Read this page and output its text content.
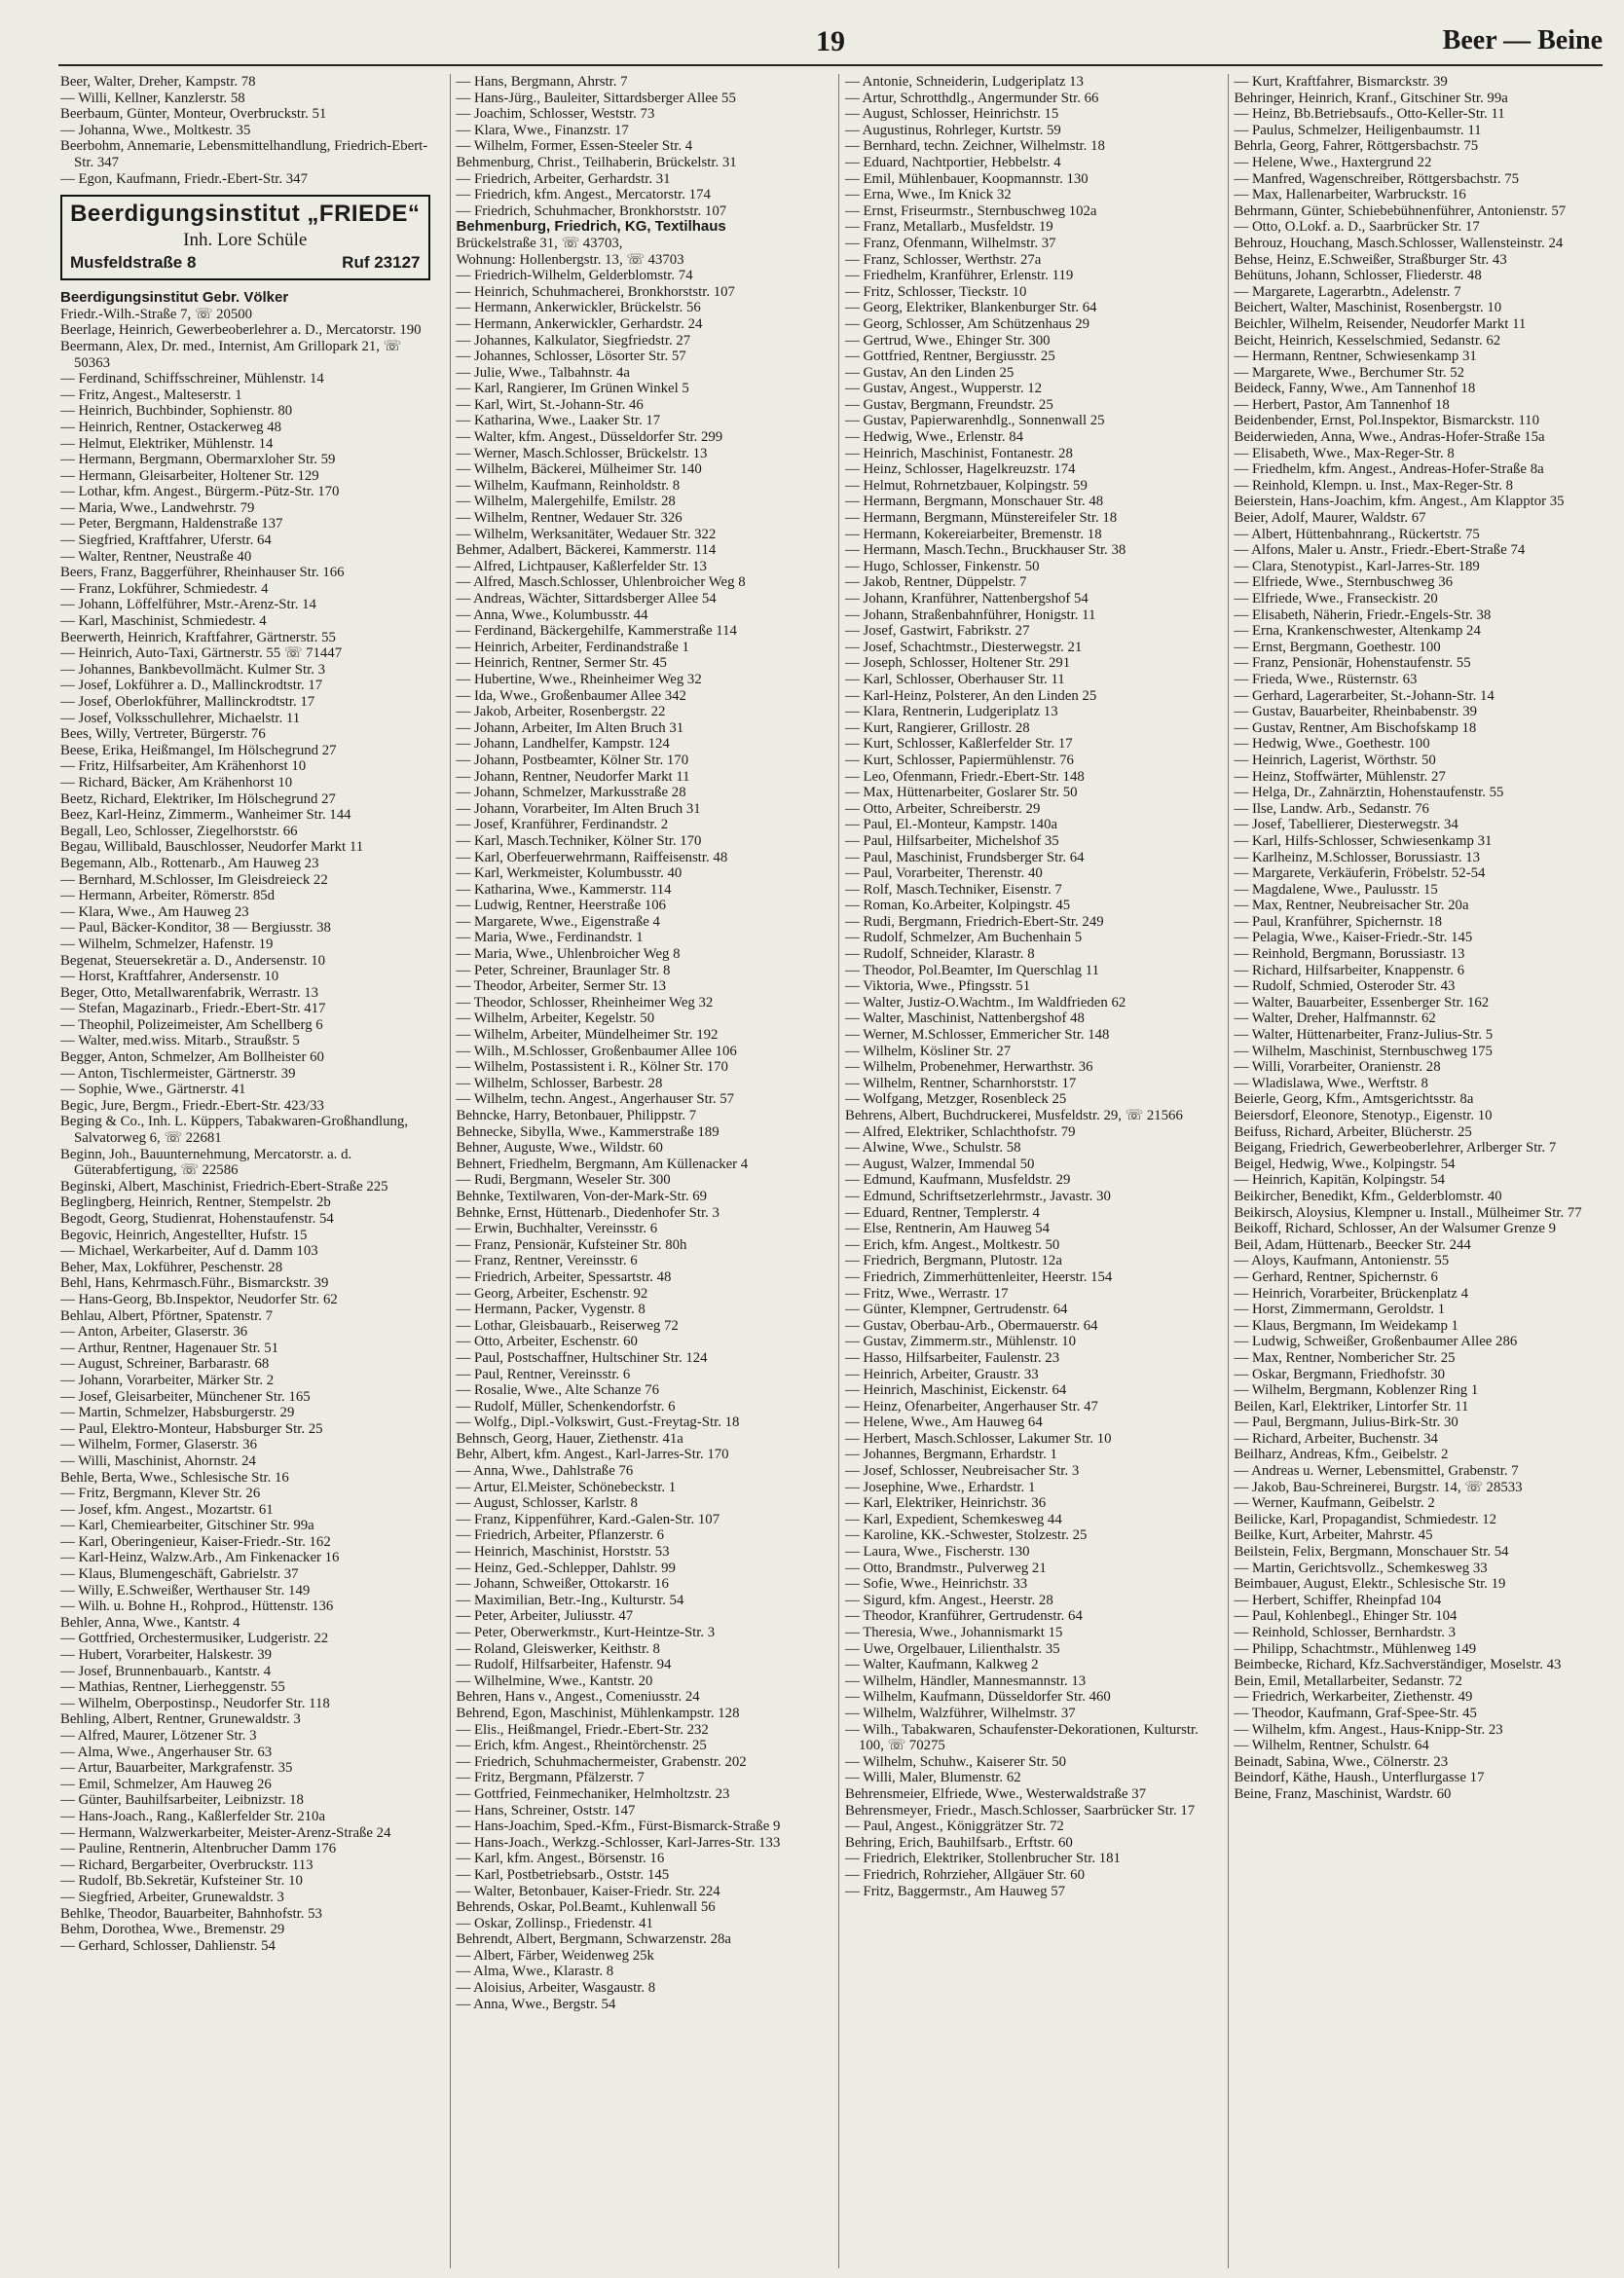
19	Beer — Beine
Beer, Walter, Dreher, Kampstr. 78
— Willi, Kellner, Kanzlerstr. 58
Beerbaum, Günter, Monteur, Overbruckstr. 51
— Johanna, Wwe., Moltkestr. 35
Beerbohm, Annemarie, Lebensmittelhandlung, Friedrich-Ebert-Str. 347
— Egon, Kaufmann, Friedr.-Ebert-Str. 347
Beerdigungsinstitut „FRIEDE“
Inh. Lore Schüle
Musfeldstraße 8	Ruf 23127
Beerdigungsinstitut Gebr. Völker
Friedr.-Wilh.-Straße 7, ☏ 20500
Beerlage, Heinrich, Gewerbeoberlehrer a. D., Mercatorstr. 190
Beermann, Alex, Dr. med., Internist, Am Grillopark 21, ☏ 50363
— Ferdinand, Schiffsschreiner, Mühlenstr. 14
— Fritz, Angest., Malteserstr. 1
— Heinrich, Buchbinder, Sophienstr. 80
— Heinrich, Rentner, Ostackerweg 48
— Helmut, Elektriker, Mühlenstr. 14
— Hermann, Bergmann, Obermarxloher Str. 59
— Hermann, Gleisarbeiter, Holtener Str. 129
— Lothar, kfm. Angest., Bürgerm.-Pütz-Str. 170
— Maria, Wwe., Landwehrstr. 79
— Peter, Bergmann, Haldenstraße 137
— Siegfried, Kraftfahrer, Uferstr. 64
— Walter, Rentner, Neustraße 40
Beers, Franz, Baggerführer, Rheinhauser Str. 166
— Franz, Lokführer, Schmiedestr. 4
— Johann, Löffelführer, Mstr.-Arenz-Str. 14
— Karl, Maschinist, Schmiedestr. 4
Beerwerth, Heinrich, Kraftfahrer, Gärtnerstr. 55
— Heinrich, Auto-Taxi, Gärtnerstr. 55 ☏ 71447
— Johannes, Bankbevollmächt. Kulmer Str. 3
— Josef, Lokführer a. D., Mallinckrodtstr. 17
— Josef, Oberlokführer, Mallinckrodtstr. 17
— Josef, Volksschullehrer, Michaelstr. 11
Bees, Willy, Vertreter, Bürgerstr. 76
Beese, Erika, Heißmangel, Im Hölschegrund 27
— Fritz, Hilfsarbeiter, Am Krähenhorst 10
— Richard, Bäcker, Am Krähenhorst 10
Beetz, Richard, Elektriker, Im Hölschegrund 27
Beez, Karl-Heinz, Zimmerm., Wanheimer Str. 144
Begall, Leo, Schlosser, Ziegelhorststr. 66
Begau, Willibald, Bauschlosser, Neudorfer Markt 11
Begemann, Alb., Rottenarb., Am Hauweg 23
— Bernhard, M.Schlosser, Im Gleisdreieck 22
— Hermann, Arbeiter, Römerstr. 85d
— Klara, Wwe., Am Hauweg 23
— Paul, Bäcker-Konditor, 38 — Bergiusstr. 38
— Wilhelm, Schmelzer, Hafenstr. 19
Begenat, Steuersekretär a. D., Andersenstr. 10
— Horst, Kraftfahrer, Andersenstr. 10
Beger, Otto, Metallwarenfabrik, Werrastr. 13
— Stefan, Magazinarb., Friedr.-Ebert-Str. 417
— Theophil, Polizeimeister, Am Schellberg 6
— Walter, med.wiss. Mitarb., Straußstr. 5
Begger, Anton, Schmelzer, Am Bollheister 60
— Anton, Tischlermeister, Gärtnerstr. 39
— Sophie, Wwe., Gärtnerstr. 41
Begic, Jure, Bergm., Friedr.-Ebert-Str. 423/33
Beging & Co., Inh. L. Küppers, Tabakwaren-Großhandlung, Salvatorweg 6, ☏ 22681
Beginn, Joh., Bauunternehmung, Mercatorstr. a. d. Güterabfertigung, ☏ 22586
Beginski, Albert, Maschinist, Friedrich-Ebert-Straße 225
Beglingberg, Heinrich, Rentner, Stempelstr. 2b
Begodt, Georg, Studienrat, Hohenstaufenstr. 54
Begovic, Heinrich, Angestellter, Hufstr. 15
— Michael, Werkarbeiter, Auf d. Damm 103
Beher, Max, Lokführer, Peschenstr. 28
Behl, Hans, Kehrmasch.Führ., Bismarckstr. 39
— Hans-Georg, Bb.Inspektor, Neudorfer Str. 62
Behlau, Albert, Pförtner, Spatenstr. 7
— Anton, Arbeiter, Glaserstr. 36
— Arthur, Rentner, Hagenauer Str. 51
— August, Schreiner, Barbarastr. 68
— Johann, Vorarbeiter, Märker Str. 2
— Josef, Gleisarbeiter, Münchener Str. 165
— Martin, Schmelzer, Habsburgerstr. 29
— Paul, Elektro-Monteur, Habsburger Str. 25
— Wilhelm, Former, Glaserstr. 36
— Willi, Maschinist, Ahornstr. 24
Behle, Berta, Wwe., Schlesische Str. 16
— Fritz, Bergmann, Klever Str. 26
— Josef, kfm. Angest., Mozartstr. 61
— Karl, Chemiearbeiter, Gitschiner Str. 99a
— Karl, Oberingenieur, Kaiser-Friedr.-Str. 162
— Karl-Heinz, Walzw.Arb., Am Finkenacker 16
— Klaus, Blumengeschäft, Gabrielstr. 37
— Willy, E.Schweißer, Werthauser Str. 149
— Wilh. u. Bohne H., Rohprod., Hüttenstr. 136
Behler, Anna, Wwe., Kantstr. 4
— Gottfried, Orchestermusiker, Ludgeristr. 22
— Hubert, Vorarbeiter, Halskestr. 39
— Josef, Brunnenbauarb., Kantstr. 4
— Mathias, Rentner, Lierheggenstr. 55
— Wilhelm, Oberpostinsp., Neudorfer Str. 118
Behling, Albert, Rentner, Grunewaldstr. 3
— Alfred, Maurer, Lötzener Str. 3
— Alma, Wwe., Angerhauser Str. 63
— Artur, Bauarbeiter, Markgrafenstr. 35
— Emil, Schmelzer, Am Hauweg 26
— Günter, Bauhilfsarbeiter, Leibnizstr. 18
— Hans-Joach., Rang., Kaßlerfelder Str. 210a
— Hermann, Walzwerkarbeiter, Meister-Arenz-Straße 24
— Pauline, Rentnerin, Altenbrucher Damm 176
— Richard, Bergarbeiter, Overbruckstr. 113
— Rudolf, Bb.Sekretär, Kufsteiner Str. 10
— Siegfried, Arbeiter, Grunewaldstr. 3
Behlke, Theodor, Bauarbeiter, Bahnhofstr. 53
Behm, Dorothea, Wwe., Bremenstr. 29
— Gerhard, Schlosser, Dahlienstr. 54
— Hans, Bergmann, Ahrstr. 7
— Hans-Jürg., Bauleiter, Sittardsberger Allee 55
— Joachim, Schlosser, Weststr. 73
— Klara, Wwe., Finanzstr. 17
— Wilhelm, Former, Essen-Steeler Str. 4
Behmenburg, Christ., Teilhaberin, Brückelstr. 31
— Friedrich, Arbeiter, Gerhardstr. 31
— Friedrich, kfm. Angest., Mercatorstr. 174
— Friedrich, Schuhmacher, Bronkhorststr. 107
Behmenburg, Friedrich, KG, Textilhaus
Brückelstraße 31, ☏ 43703,
Wohnung: Hollenbergstr. 13, ☏ 43703
— Friedrich-Wilhelm, Gelderblomstr. 74
— Heinrich, Schuhmacherei, Bronkhorststr. 107
— Hermann, Ankerwickler, Brückelstr. 56
— Hermann, Ankerwickler, Gerhardstr. 24
— Johannes, Kalkulator, Siegfriedstr. 27
— Johannes, Schlosser, Lösorter Str. 57
— Julie, Wwe., Talbahnstr. 4a
— Karl, Rangierer, Im Grünen Winkel 5
— Karl, Wirt, St.-Johann-Str. 46
— Katharina, Wwe., Laaker Str. 17
— Walter, kfm. Angest., Düsseldorfer Str. 299
— Werner, Masch.Schlosser, Brückelstr. 13
— Wilhelm, Bäckerei, Mülheimer Str. 140
— Wilhelm, Kaufmann, Reinholdstr. 8
— Wilhelm, Malergehilfe, Emilstr. 28
— Wilhelm, Rentner, Wedauer Str. 326
— Wilhelm, Werksanitäter, Wedauer Str. 322
Behmer, Adalbert, Bäckerei, Kammerstr. 114
— Alfred, Lichtpauser, Kaßlerfelder Str. 13
— Alfred, Masch.Schlosser, Uhlenbroicher Weg 8
— Andreas, Wächter, Sittardsberger Allee 54
— Anna, Wwe., Kolumbusstr. 44
— Ferdinand, Bäckergehilfe, Kammerstraße 114
— Heinrich, Arbeiter, Ferdinandstraße 1
— Heinrich, Rentner, Sermer Str. 45
— Hubertine, Wwe., Rheinheimer Weg 32
— Ida, Wwe., Großenbaumer Allee 342
— Jakob, Arbeiter, Rosenbergstr. 22
— Johann, Arbeiter, Im Alten Bruch 31
— Johann, Landhelfer, Kampstr. 124
— Johann, Postbeamter, Kölner Str. 170
— Johann, Rentner, Neudorfer Markt 11
— Johann, Schmelzer, Markusstraße 28
— Johann, Vorarbeiter, Im Alten Bruch 31
— Josef, Kranführer, Ferdinandstr. 2
— Karl, Masch.Techniker, Kölner Str. 170
— Karl, Oberfeuerwehrmann, Raiffeisenstr. 48
— Karl, Werkmeister, Kolumbusstr. 40
— Katharina, Wwe., Kammerstr. 114
— Ludwig, Rentner, Heerstraße 106
— Margarete, Wwe., Eigenstraße 4
— Maria, Wwe., Ferdinandstr. 1
— Maria, Wwe., Uhlenbroicher Weg 8
— Peter, Schreiner, Braunlager Str. 8
— Theodor, Arbeiter, Sermer Str. 13
— Theodor, Schlosser, Rheinheimer Weg 32
— Wilhelm, Arbeiter, Kegelstr. 50
— Wilhelm, Arbeiter, Mündelheimer Str. 192
— Wilh., M.Schlosser, Großenbaumer Allee 106
— Wilhelm, Postassistent i. R., Kölner Str. 170
— Wilhelm, Schlosser, Barbestr. 28
— Wilhelm, techn. Angest., Angerhauser Str. 57
Behncke, Harry, Betonbauer, Philippstr. 7
Behnecke, Sibylla, Wwe., Kammerstraße 189
Behner, Auguste, Wwe., Wildstr. 60
Behnert, Friedhelm, Bergmann, Am Küllenacker 4
— Rudi, Bergmann, Weseler Str. 300
Behnke, Textilwaren, Von-der-Mark-Str. 69
Behnke, Ernst, Hüttenarb., Diedenhofer Str. 3
— Erwin, Buchhalter, Vereinsstr. 6
— Franz, Pensionär, Kufsteiner Str. 80h
— Franz, Rentner, Vereinsstr. 6
— Friedrich, Arbeiter, Spessartstr. 48
— Georg, Arbeiter, Eschenstr. 92
— Hermann, Packer, Vygenstr. 8
— Lothar, Gleisbauarb., Reiserweg 72
— Otto, Arbeiter, Eschenstr. 60
— Paul, Postschaffner, Hultschiner Str. 124
— Paul, Rentner, Vereinsstr. 6
— Rosalie, Wwe., Alte Schanze 76
— Rudolf, Müller, Schenkendorfstr. 6
— Wolfg., Dipl.-Volkswirt, Gust.-Freytag-Str. 18
Behnsch, Georg, Hauer, Ziethenstr. 41a
Behr, Albert, kfm. Angest., Karl-Jarres-Str. 170
— Anna, Wwe., Dahlstraße 76
— Artur, El.Meister, Schönebeckstr. 1
— August, Schlosser, Karlstr. 8
— Franz, Kippenführer, Kard.-Galen-Str. 107
— Friedrich, Arbeiter, Pflanzerstr. 6
— Heinrich, Maschinist, Horststr. 53
— Heinz, Ged.-Schlepper, Dahlstr. 99
— Johann, Schweißer, Ottokarstr. 16
— Maximilian, Betr.-Ing., Kulturstr. 54
— Peter, Arbeiter, Juliusstr. 47
— Peter, Oberwerkmstr., Kurt-Heintze-Str. 3
— Roland, Gleiswerker, Keithstr. 8
— Rudolf, Hilfsarbeiter, Hafenstr. 94
— Wilhelmine, Wwe., Kantstr. 20
Behren, Hans v., Angest., Comeniusstr. 24
Behrend, Egon, Maschinist, Mühlenkampstr. 128
— Elis., Heißmangel, Friedr.-Ebert-Str. 232
— Erich, kfm. Angest., Rheintörchenstr. 25
— Friedrich, Schuhmachermeister, Grabenstr. 202
— Fritz, Bergmann, Pfälzerstr. 7
— Gottfried, Feinmechaniker, Helmholtzstr. 23
— Hans, Schreiner, Oststr. 147
— Hans-Joachim, Sped.-Kfm., Fürst-Bismarck-Straße 9
— Hans-Joach., Werkzg.-Schlosser, Karl-Jarres-Str. 133
— Karl, kfm. Angest., Börsenstr. 16
— Karl, Postbetriebsarb., Oststr. 145
— Walter, Betonbauer, Kaiser-Friedr. Str. 224
Behrends, Oskar, Pol.Beamt., Kuhlenwall 56
— Oskar, Zollinsp., Friedenstr. 41
Behrendt, Albert, Bergmann, Schwarzenstr. 28a
— Albert, Färber, Weidenweg 25k
— Alma, Wwe., Klarastr. 8
— Aloisius, Arbeiter, Wasgaustr. 8
— Anna, Wwe., Bergstr. 54
— Antonie, Schneiderin, Ludgeriplatz 13
— Artur, Schrotthdlg., Angermunder Str. 66
— August, Schlosser, Heinrichstr. 15
— Augustinus, Rohrleger, Kurtstr. 59
— Bernhard, techn. Zeichner, Wilhelmstr. 18
— Eduard, Nachtportier, Hebbelstr. 4
— Emil, Mühlenbauer, Koopmannstr. 130
— Erna, Wwe., Im Knick 32
— Ernst, Friseurmstr., Sternbuschweg 102a
— Franz, Metallarb., Musfeldstr. 19
— Franz, Ofenmann, Wilhelmstr. 37
— Franz, Schlosser, Werthstr. 27a
— Friedhelm, Kranführer, Erlenstr. 119
— Fritz, Schlosser, Tieckstr. 10
— Georg, Elektriker, Blankenburger Str. 64
— Georg, Schlosser, Am Schützenhaus 29
— Gertrud, Wwe., Ehinger Str. 300
— Gottfried, Rentner, Bergiusstr. 25
— Gustav, An den Linden 25
— Gustav, Angest., Wupperstr. 12
— Gustav, Bergmann, Freundstr. 25
— Gustav, Papierwarenhdlg., Sonnenwall 25
— Hedwig, Wwe., Erlenstr. 84
— Heinrich, Maschinist, Fontanestr. 28
— Heinz, Schlosser, Hagelkreuzstr. 174
— Helmut, Rohrnetzbauer, Kolpingstr. 59
— Hermann, Bergmann, Monschauer Str. 48
— Hermann, Bergmann, Münstereifeler Str. 18
— Hermann, Kokereiarbeiter, Bremenstr. 18
— Hermann, Masch.Techn., Bruckhauser Str. 38
— Hugo, Schlosser, Finkenstr. 50
— Jakob, Rentner, Düppelstr. 7
— Johann, Kranführer, Nattenbergshof 54
— Johann, Straßenbahnführer, Honigstr. 11
— Josef, Gastwirt, Fabrikstr. 27
— Josef, Schachtmstr., Diesterwegstr. 21
— Joseph, Schlosser, Holtener Str. 291
— Karl, Schlosser, Oberhauser Str. 11
— Karl-Heinz, Polsterer, An den Linden 25
— Klara, Rentnerin, Ludgeriplatz 13
— Kurt, Rangierer, Grillostr. 28
— Kurt, Schlosser, Kaßlerfelder Str. 17
— Kurt, Schlosser, Papiermühlenstr. 76
— Leo, Ofenmann, Friedr.-Ebert-Str. 148
— Max, Hüttenarbeiter, Goslarer Str. 50
— Otto, Arbeiter, Schreiberstr. 29
— Paul, El.-Monteur, Kampstr. 140a
— Paul, Hilfsarbeiter, Michelshof 35
— Paul, Maschinist, Frundsberger Str. 64
— Paul, Vorarbeiter, Therenstr. 40
— Rolf, Masch.Techniker, Eisenstr. 7
— Roman, Ko.Arbeiter, Kolpingstr. 45
— Rudi, Bergmann, Friedrich-Ebert-Str. 249
— Rudolf, Schmelzer, Am Buchenhain 5
— Rudolf, Schneider, Klarastr. 8
— Theodor, Pol.Beamter, Im Querschlag 11
— Viktoria, Wwe., Pfingsstr. 51
— Walter, Justiz-O.Wachtm., Im Waldfrieden 62
— Walter, Maschinist, Nattenbergshof 48
— Werner, M.Schlosser, Emmericher Str. 148
— Wilhelm, Kösliner Str. 27
— Wilhelm, Probenehmer, Herwarthstr. 36
— Wilhelm, Rentner, Scharnhorststr. 17
— Wolfgang, Metzger, Rosenbleck 25
Behrens, Albert, Buchdruckerei, Musfeldstr. 29, ☏ 21566
— Alfred, Elektriker, Schlachthofstr. 79
— Alwine, Wwe., Schulstr. 58
— August, Walzer, Immendal 50
— Edmund, Kaufmann, Musfeldstr. 29
— Edmund, Schriftsetzerlehrmstr., Javastr. 30
— Eduard, Rentner, Templerstr. 4
— Else, Rentnerin, Am Hauweg 54
— Erich, kfm. Angest., Moltkestr. 50
— Friedrich, Bergmann, Plutostr. 12a
— Friedrich, Zimmerhüttenleiter, Heerstr. 154
— Fritz, Wwe., Werrastr. 17
— Günter, Klempner, Gertrudenstr. 64
— Gustav, Oberbau-Arb., Obermauerstr. 64
— Gustav, Zimmerm.str., Mühlenstr. 10
— Hasso, Hilfsarbeiter, Faulenstr. 23
— Heinrich, Arbeiter, Graustr. 33
— Heinrich, Maschinist, Eickenstr. 64
— Heinz, Ofenarbeiter, Angerhauser Str. 47
— Helene, Wwe., Am Hauweg 64
— Herbert, Masch.Schlosser, Lakumer Str. 10
— Johannes, Bergmann, Erhardstr. 1
— Josef, Schlosser, Neubreisacher Str. 3
— Josephine, Wwe., Erhardstr. 1
— Karl, Elektriker, Heinrichstr. 36
— Karl, Expedient, Schemkesweg 44
— Karoline, KK.-Schwester, Stolzestr. 25
— Laura, Wwe., Fischerstr. 130
— Otto, Brandmstr., Pulverweg 21
— Sofie, Wwe., Heinrichstr. 33
— Sigurd, kfm. Angest., Heerstr. 28
— Theodor, Kranführer, Gertrudenstr. 64
— Theresia, Wwe., Johannismarkt 15
— Uwe, Orgelbauer, Lilienthalstr. 35
— Walter, Kaufmann, Kalkweg 2
— Wilhelm, Händler, Mannesmannstr. 13
— Wilhelm, Kaufmann, Düsseldorfer Str. 460
— Wilhelm, Walzführer, Wilhelmstr. 37
— Wilh., Tabakwaren, Schaufenster-Dekorationen, Kulturstr. 100, ☏ 70275
— Wilhelm, Schuhw., Kaiserer Str. 50
— Willi, Maler, Blumenstr. 62
Behrensmeier, Elfriede, Wwe., Westerwaldstraße 37
Behrensmeyer, Friedr., Masch.Schlosser, Saarbrücker Str. 17
— Paul, Angest., Königgrätzer Str. 72
Behring, Erich, Bauhilfsarb., Erftstr. 60
— Friedrich, Elektriker, Stollenbrucher Str. 181
— Friedrich, Rohrzieher, Allgäuer Str. 60
— Fritz, Baggermstr., Am Hauweg 57
— Kurt, Kraftfahrer, Bismarckstr. 39
Behringer, Heinrich, Kranf., Gitschiner Str. 99a
— Heinz, Bb.Betriebsaufs., Otto-Keller-Str. 11
— Paulus, Schmelzer, Heiligenbaumstr. 11
Behrla, Georg, Fahrer, Röttgersbachstr. 75
— Helene, Wwe., Haxtergrund 22
— Manfred, Wagenschreiber, Röttgersbachstr. 75
— Max, Hallenarbeiter, Warbruckstr. 16
Behrmann, Günter, Schiebebühnenführer, Antonienstr. 57
— Otto, O.Lokf. a. D., Saarbrücker Str. 17
Behrouz, Houchang, Masch.Schlosser, Wallensteinstr. 24
Behse, Heinz, E.Schweißer, Straßburger Str. 43
Behütuns, Johann, Schlosser, Fliederstr. 48
— Margarete, Lagerarbtn., Adelenstr. 7
Beichert, Walter, Maschinist, Rosenbergstr. 10
Beichler, Wilhelm, Reisender, Neudorfer Markt 11
Beicht, Heinrich, Kesselschmied, Sedanstr. 62
— Hermann, Rentner, Schwiesenkamp 31
— Margarete, Wwe., Berchumer Str. 52
Beideck, Fanny, Wwe., Am Tannenhof 18
— Herbert, Pastor, Am Tannenhof 18
Beidenbender, Ernst, Pol.Inspektor, Bismarckstr. 110
Beiderwieden, Anna, Wwe., Andras-Hofer-Straße 15a
— Elisabeth, Wwe., Max-Reger-Str. 8
— Friedhelm, kfm. Angest., Andreas-Hofer-Straße 8a
— Reinhold, Klempn. u. Inst., Max-Reger-Str. 8
Beierstein, Hans-Joachim, kfm. Angest., Am Klapptor 35
Beier, Adolf, Maurer, Waldstr. 67
— Albert, Hüttenbahnrang., Rückertstr. 75
— Alfons, Maler u. Anstr., Friedr.-Ebert-Straße 74
— Clara, Stenotypist., Karl-Jarres-Str. 189
— Elfriede, Wwe., Sternbuschweg 36
— Elfriede, Wwe., Franseckistr. 20
— Elisabeth, Näherin, Friedr.-Engels-Str. 38
— Erna, Krankenschwester, Altenkamp 24
— Ernst, Bergmann, Goethestr. 100
— Franz, Pensionär, Hohenstaufenstr. 55
— Frieda, Wwe., Rüsternstr. 63
— Gerhard, Lagerarbeiter, St.-Johann-Str. 14
— Gustav, Bauarbeiter, Rheinbabenstr. 39
— Gustav, Rentner, Am Bischofskamp 18
— Hedwig, Wwe., Goethestr. 100
— Heinrich, Lagerist, Wörthstr. 50
— Heinz, Stoffwärter, Mühlenstr. 27
— Helga, Dr., Zahnärztin, Hohenstaufenstr. 55
— Ilse, Landw. Arb., Sedanstr. 76
— Josef, Tabellierer, Diesterwegstr. 34
— Karl, Hilfs-Schlosser, Schwiesenkamp 31
— Karlheinz, M.Schlosser, Borussiastr. 13
— Margarete, Verkäuferin, Fröbelstr. 52-54
— Magdalene, Wwe., Paulusstr. 15
— Max, Rentner, Neubreisacher Str. 20a
— Paul, Kranführer, Spichernstr. 18
— Pelagia, Wwe., Kaiser-Friedr.-Str. 145
— Reinhold, Bergmann, Borussiastr. 13
— Richard, Hilfsarbeiter, Knappenstr. 6
— Rudolf, Schmied, Osteroder Str. 43
— Walter, Bauarbeiter, Essenberger Str. 162
— Walter, Dreher, Halfmannstr. 62
— Walter, Hüttenarbeiter, Franz-Julius-Str. 5
— Wilhelm, Maschinist, Sternbuschweg 175
— Willi, Vorarbeiter, Oranienstr. 28
— Wladislawa, Wwe., Werftstr. 8
Beierle, Georg, Kfm., Amtsgerichtsstr. 8a
Beiersdorf, Eleonore, Stenotyp., Eigenstr. 10
Beifuss, Richard, Arbeiter, Blücherstr. 25
Beigang, Friedrich, Gewerbeoberlehrer, Arlberger Str. 7
Beigel, Hedwig, Wwe., Kolpingstr. 54
— Heinrich, Kapitän, Kolpingstr. 54
Beikircher, Benedikt, Kfm., Gelderblomstr. 40
Beikirsch, Aloysius, Klempner u. Install., Mülheimer Str. 77
Beikoff, Richard, Schlosser, An der Walsumer Grenze 9
Beil, Adam, Hüttenarb., Beecker Str. 244
— Aloys, Kaufmann, Antonienstr. 55
— Gerhard, Rentner, Spichernstr. 6
— Heinrich, Vorarbeiter, Brückenplatz 4
— Horst, Zimmermann, Geroldstr. 1
— Klaus, Bergmann, Im Weidekamp 1
— Ludwig, Schweißer, Großenbaumer Allee 286
— Max, Rentner, Nombericher Str. 25
— Oskar, Bergmann, Friedhofstr. 30
— Wilhelm, Bergmann, Koblenzer Ring 1
Beilen, Karl, Elektriker, Lintorfer Str. 11
— Paul, Bergmann, Julius-Birk-Str. 30
— Richard, Arbeiter, Buchenstr. 34
Beilharz, Andreas, Kfm., Geibelstr. 2
— Andreas u. Werner, Lebensmittel, Grabenstr. 7
— Jakob, Bau-Schreinerei, Burgstr. 14, ☏ 28533
— Werner, Kaufmann, Geibelstr. 2
Beilicke, Karl, Propagandist, Schmiedestr. 12
Beilke, Kurt, Arbeiter, Mahrstr. 45
Beilstein, Felix, Bergmann, Monschauer Str. 54
— Martin, Gerichtsvollz., Schemkesweg 33
Beimbauer, August, Elektr., Schlesische Str. 19
— Herbert, Schiffer, Rheinpfad 104
— Paul, Kohlenbegl., Ehinger Str. 104
— Reinhold, Schlosser, Bernhardstr. 3
— Philipp, Schachtmstr., Mühlenweg 149
Beimbecke, Richard, Kfz.Sachverständiger, Moselstr. 43
Bein, Emil, Metallarbeiter, Sedanstr. 72
— Friedrich, Werkarbeiter, Ziethenstr. 49
— Theodor, Kaufmann, Graf-Spee-Str. 45
— Wilhelm, kfm. Angest., Haus-Knipp-Str. 23
— Wilhelm, Rentner, Schulstr. 64
Beinadt, Sabina, Wwe., Cölnerstr. 23
Beindorf, Käthe, Haush., Unterflurgasse 17
Beine, Franz, Maschinist, Wardstr. 60
